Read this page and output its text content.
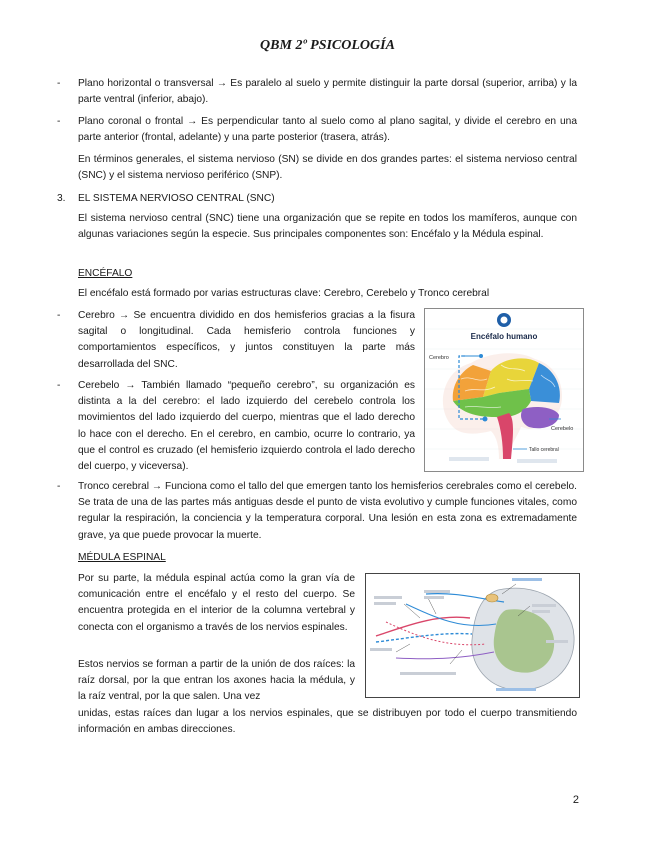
QBM 2º PSICOLOGÍA
- Plano horizontal o transversal → Es paralelo al suelo y permite distinguir la parte dorsal (superior, arriba) y la parte ventral (inferior, abajo).

- Plano coronal o frontal → Es perpendicular tanto al suelo como al plano sagital, y divide el cerebro en una parte anterior (frontal, adelante) y una parte posterior (trasera, atrás).

En términos generales, el sistema nervioso (SN) se divide en dos grandes partes: el sistema nervioso central (SNC) y el sistema nervioso periférico (SNP).

3. EL SISTEMA NERVIOSO CENTRAL (SNC)

El sistema nervioso central (SNC) tiene una organización que se repite en todos los mamíferos, aunque con algunas variaciones según la especie. Sus principales componentes son: Encéfalo y la Médula espinal.

ENCÉFALO

El encéfalo está formado por varias estructuras clave: Cerebro, Cerebelo y Tronco cerebral

- Cerebro → Se encuentra dividido en dos hemisferios gracias a la fisura sagital o longitudinal. Cada hemisferio controla funciones y comportamientos específicos, y juntos constituyen la parte más desarrollada del SNC.

- Cerebelo → También llamado “pequeño cerebro”, su organización es distinta a la del cerebro: el lado izquierdo del cerebelo controla los movimientos del lado izquierdo del cuerpo, mientras que el lado derecho lo hace con el derecho. En el cerebro, en cambio, ocurre lo contrario, ya que el control es cruzado (el hemisferio izquierdo controla el lado derecho del cuerpo, y viceversa).

Encéfalo humano
Cerebro
Cerebelo
Tallo cerebral
- Tronco cerebral → Funciona como el tallo del que emergen tanto los hemisferios cerebrales como el cerebelo. Se trata de una de las partes más antiguas desde el punto de vista evolutivo y cumple funciones vitales, como regular la respiración, la conciencia y la temperatura corporal. Una lesión en esta zona es extremadamente grave, ya que puede provocar la muerte.

MÉDULA ESPINAL

Por su parte, la médula espinal actúa como la gran vía de comunicación entre el encéfalo y el resto del cuerpo. Se encuentra protegida en el interior de la columna vertebral y conecta con el organismo a través de los nervios espinales.

Estos nervios se forman a partir de la unión de dos raíces: la raíz dorsal, por la que entran los axones hacia la médula, y la raíz ventral, por la que salen. Una vez

unidas, estas raíces dan lugar a los nervios espinales, que se distribuyen por todo el cuerpo transmitiendo información en ambas direcciones.

2
